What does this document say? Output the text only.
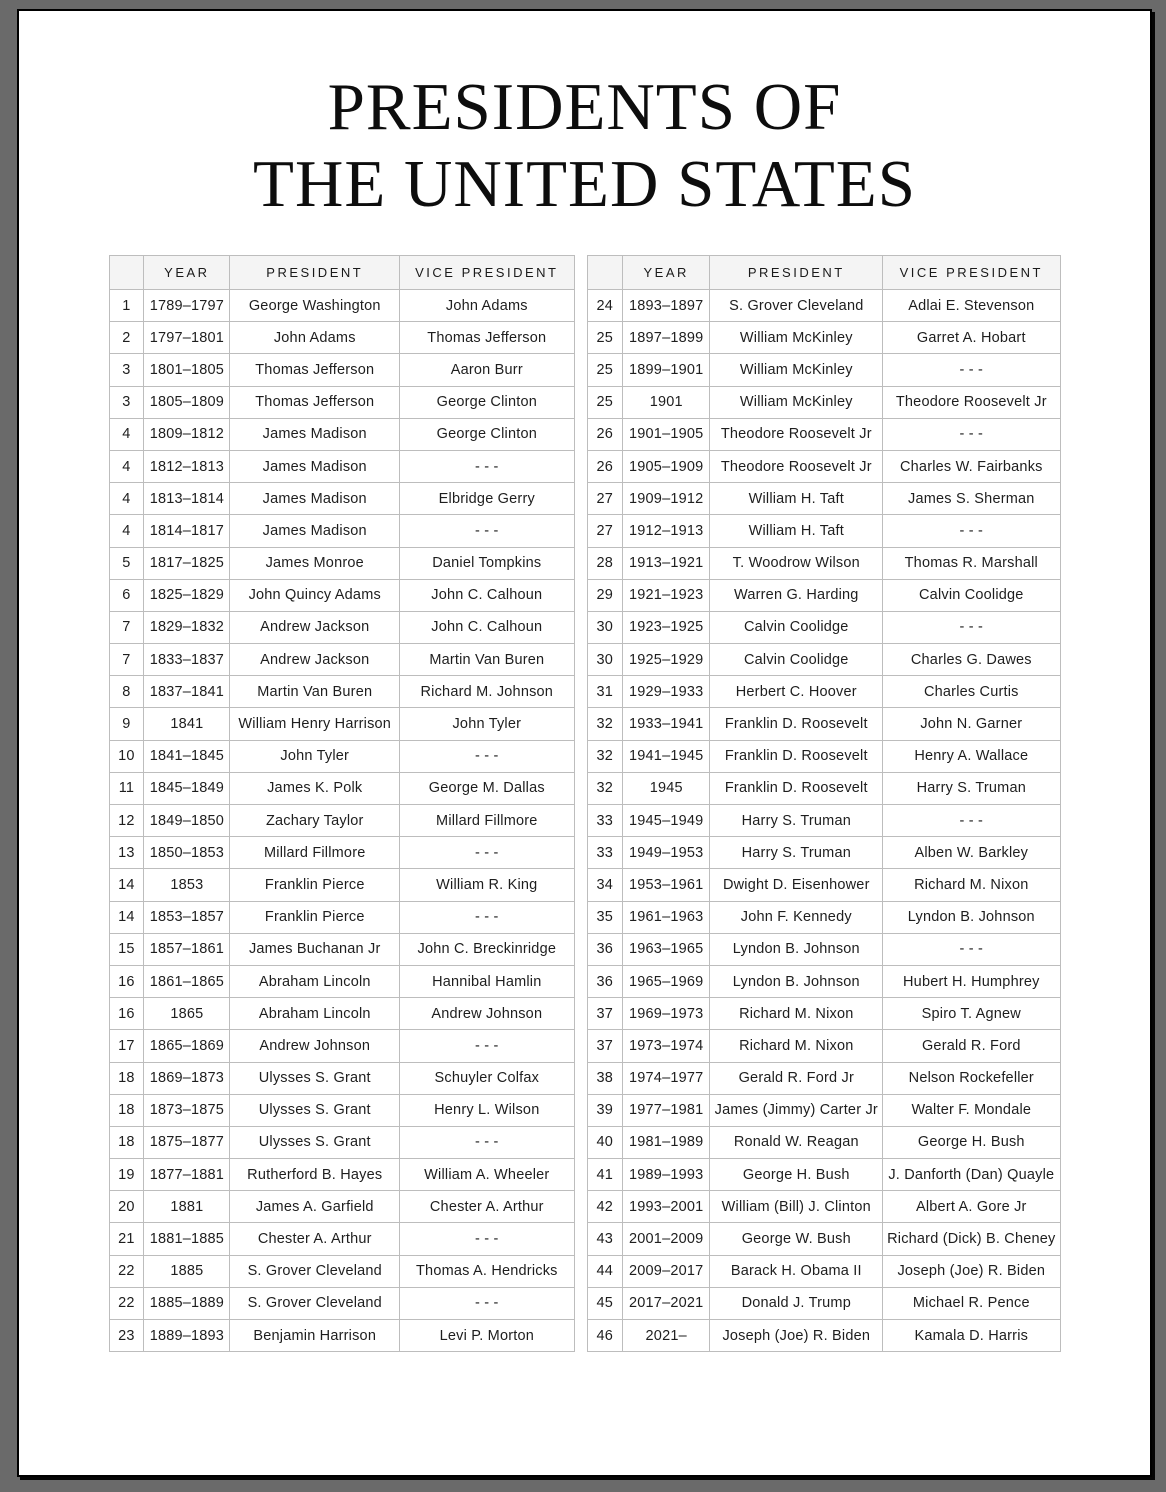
PRESIDENTS OF
THE UNITED STATES
	YEAR	PRESIDENT	VICE PRESIDENT
1	1789–1797	George Washington	John Adams
2	1797–1801	John Adams	Thomas Jefferson
3	1801–1805	Thomas Jefferson	Aaron Burr
3	1805–1809	Thomas Jefferson	George Clinton
4	1809–1812	James Madison	George Clinton
4	1812–1813	James Madison	- - -
4	1813–1814	James Madison	Elbridge Gerry
4	1814–1817	James Madison	- - -
5	1817–1825	James Monroe	Daniel Tompkins
6	1825–1829	John Quincy Adams	John C. Calhoun
7	1829–1832	Andrew Jackson	John C. Calhoun
7	1833–1837	Andrew Jackson	Martin Van Buren
8	1837–1841	Martin Van Buren	Richard M. Johnson
9	1841	William Henry Harrison	John Tyler
10	1841–1845	John Tyler	- - -
11	1845–1849	James K. Polk	George M. Dallas
12	1849–1850	Zachary Taylor	Millard Fillmore
13	1850–1853	Millard Fillmore	- - -
14	1853	Franklin Pierce	William R. King
14	1853–1857	Franklin Pierce	- - -
15	1857–1861	James Buchanan Jr	John C. Breckinridge
16	1861–1865	Abraham Lincoln	Hannibal Hamlin
16	1865	Abraham Lincoln	Andrew Johnson
17	1865–1869	Andrew Johnson	- - -
18	1869–1873	Ulysses S. Grant	Schuyler Colfax
18	1873–1875	Ulysses S. Grant	Henry L. Wilson
18	1875–1877	Ulysses S. Grant	- - -
19	1877–1881	Rutherford B. Hayes	William A. Wheeler
20	1881	James A. Garfield	Chester A. Arthur
21	1881–1885	Chester A. Arthur	- - -
22	1885	S. Grover Cleveland	Thomas A. Hendricks
22	1885–1889	S. Grover Cleveland	- - -
23	1889–1893	Benjamin Harrison	Levi P. Morton
	YEAR	PRESIDENT	VICE PRESIDENT
24	1893–1897	S. Grover Cleveland	Adlai E. Stevenson
25	1897–1899	William McKinley	Garret A. Hobart
25	1899–1901	William McKinley	- - -
25	1901	William McKinley	Theodore Roosevelt Jr
26	1901–1905	Theodore Roosevelt Jr	- - -
26	1905–1909	Theodore Roosevelt Jr	Charles W. Fairbanks
27	1909–1912	William H. Taft	James S. Sherman
27	1912–1913	William H. Taft	- - -
28	1913–1921	T. Woodrow Wilson	Thomas R. Marshall
29	1921–1923	Warren G. Harding	Calvin Coolidge
30	1923–1925	Calvin Coolidge	- - -
30	1925–1929	Calvin Coolidge	Charles G. Dawes
31	1929–1933	Herbert C. Hoover	Charles Curtis
32	1933–1941	Franklin D. Roosevelt	John N. Garner
32	1941–1945	Franklin D. Roosevelt	Henry A. Wallace
32	1945	Franklin D. Roosevelt	Harry S. Truman
33	1945–1949	Harry S. Truman	- - -
33	1949–1953	Harry S. Truman	Alben W. Barkley
34	1953–1961	Dwight D. Eisenhower	Richard M. Nixon
35	1961–1963	John F. Kennedy	Lyndon B. Johnson
36	1963–1965	Lyndon B. Johnson	- - -
36	1965–1969	Lyndon B. Johnson	Hubert H. Humphrey
37	1969–1973	Richard M. Nixon	Spiro T. Agnew
37	1973–1974	Richard M. Nixon	Gerald R. Ford
38	1974–1977	Gerald R. Ford Jr	Nelson Rockefeller
39	1977–1981	James (Jimmy) Carter Jr	Walter F. Mondale
40	1981–1989	Ronald W. Reagan	George H. Bush
41	1989–1993	George H. Bush	J. Danforth (Dan) Quayle
42	1993–2001	William (Bill) J. Clinton	Albert A. Gore Jr
43	2001–2009	George W. Bush	Richard (Dick) B. Cheney
44	2009–2017	Barack H. Obama II	Joseph (Joe) R. Biden
45	2017–2021	Donald J. Trump	Michael R. Pence
46	2021–	Joseph (Joe) R. Biden	Kamala D. Harris
